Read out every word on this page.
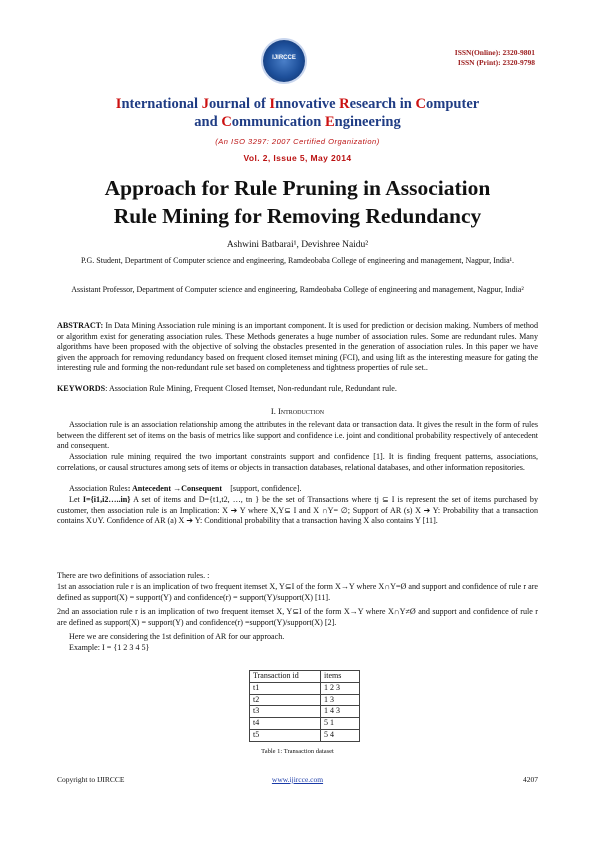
IJIRCCE
ISSN(Online): 2320-9801
ISSN (Print): 2320-9798
International Journal of Innovative Research in Computer
and Communication Engineering
(An ISO 3297: 2007 Certified Organization)
Vol. 2, Issue 5, May 2014
Approach for Rule Pruning in Association
Rule Mining for Removing Redundancy
Ashwini Batbarai¹, Devishree Naidu²
P.G. Student, Department of Computer science and engineering, Ramdeobaba College of engineering and management, Nagpur, India¹.
Assistant Professor, Department of Computer science and engineering, Ramdeobaba College of engineering and management, Nagpur, India²
ABSTRACT: In Data Mining Association rule mining is an important component. It is used for prediction or decision making. Numbers of method or algorithm exist for generating association rules. These Methods generates a huge number of association rules. Some are redundant rules. Many algorithms have been proposed with the objective of solving the obstacles presented in the generation of association rules. In this paper we have given the approach for removing redundancy based on frequent closed itemset mining (FCI), and using lift as the interesting measure for gating the interesting rule and forming the non-redundant rule set based on completeness and tightness properties of rule set..
KEYWORDS: Association Rule Mining, Frequent Closed Itemset, Non-redundant rule, Redundant rule.
I. Introduction
Association rule is an association relationship among the attributes in the relevant data or transaction data. It gives the result in the form of rules between the different set of items on the basis of metrics like support and confidence i.e. joint and conditional probability respectively of antecedent and consequent.
Association rule mining required the two important constraints support and confidence [1]. It is finding frequent patterns, associations, correlations, or causal structures among sets of items or objects in transaction databases, relational databases, and other information repositories.
Association Rules: Antecedent →Consequent [support, confidence].
Let I={i1,i2…..in} A set of items and D={t1,t2, …, tn } be the set of Transactions where tj ⊆ I is represent the set of items purchased by customer, then association rule is an Implication: X ➔ Y where X,Y⊆ I and X ∩Y= ∅; Support of AR (s) X ➔ Y: Probability that a transaction contains X∪Y. Confidence of AR (a) X ➔ Y: Conditional probability that a transaction having X also contains Y [11].
There are two definitions of association rules. :
1st an association rule r is an implication of two frequent itemset X, Y⊆I of the form X→Y where X∩Y=Ø and support and confidence of rule r are defined as support(X) = support(Y) and confidence(r) = support(Y)/support(X) [11].
2nd an association rule r is an implication of two frequent itemset X, Y⊆I of the form X→Y where X∩Y≠Ø and support and confidence of rule r are defined as support(X) = support(Y) and confidence(r) =support(Y)/support(X) [2].
Here we are considering the 1st definition of AR for our approach.
Example: I = {1 2 3 4 5}
Transaction id	items
t1	1 2 3
t2	1 3
t3	1 4 3
t4	5 1
t5	5 4
Table 1: Transaction dataset
Copyright to IJIRCCE	www.ijircce.com	4207
